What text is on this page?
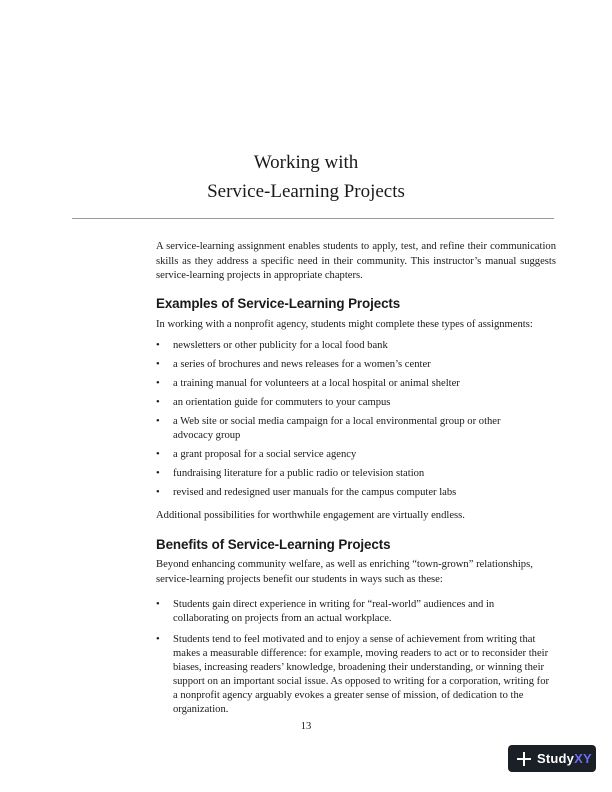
Working with
Service-Learning Projects
A service-learning assignment enables students to apply, test, and refine their communication skills as they address a specific need in their community. This instructor’s manual suggests service-learning projects in appropriate chapters.
Examples of Service-Learning Projects
In working with a nonprofit agency, students might complete these types of assignments:
• newsletters or other publicity for a local food bank
• a series of brochures and news releases for a women’s center
• a training manual for volunteers at a local hospital or animal shelter
• an orientation guide for commuters to your campus
• a Web site or social media campaign for a local environmental group or other advocacy group
• a grant proposal for a social service agency
• fundraising literature for a public radio or television station
• revised and redesigned user manuals for the campus computer labs
Additional possibilities for worthwhile engagement are virtually endless.
Benefits of Service-Learning Projects
Beyond enhancing community welfare, as well as enriching “town-grown” relationships, service-learning projects benefit our students in ways such as these:
• Students gain direct experience in writing for “real-world” audiences and in collaborating on projects from an actual workplace.
• Students tend to feel motivated and to enjoy a sense of achievement from writing that makes a measurable difference: for example, moving readers to act or to reconsider their biases, increasing readers’ knowledge, broadening their understanding, or winning their support on an important social issue. As opposed to writing for a corporation, writing for a nonprofit agency arguably evokes a greater sense of mission, of dedication to the organization.
13
StudyXY
